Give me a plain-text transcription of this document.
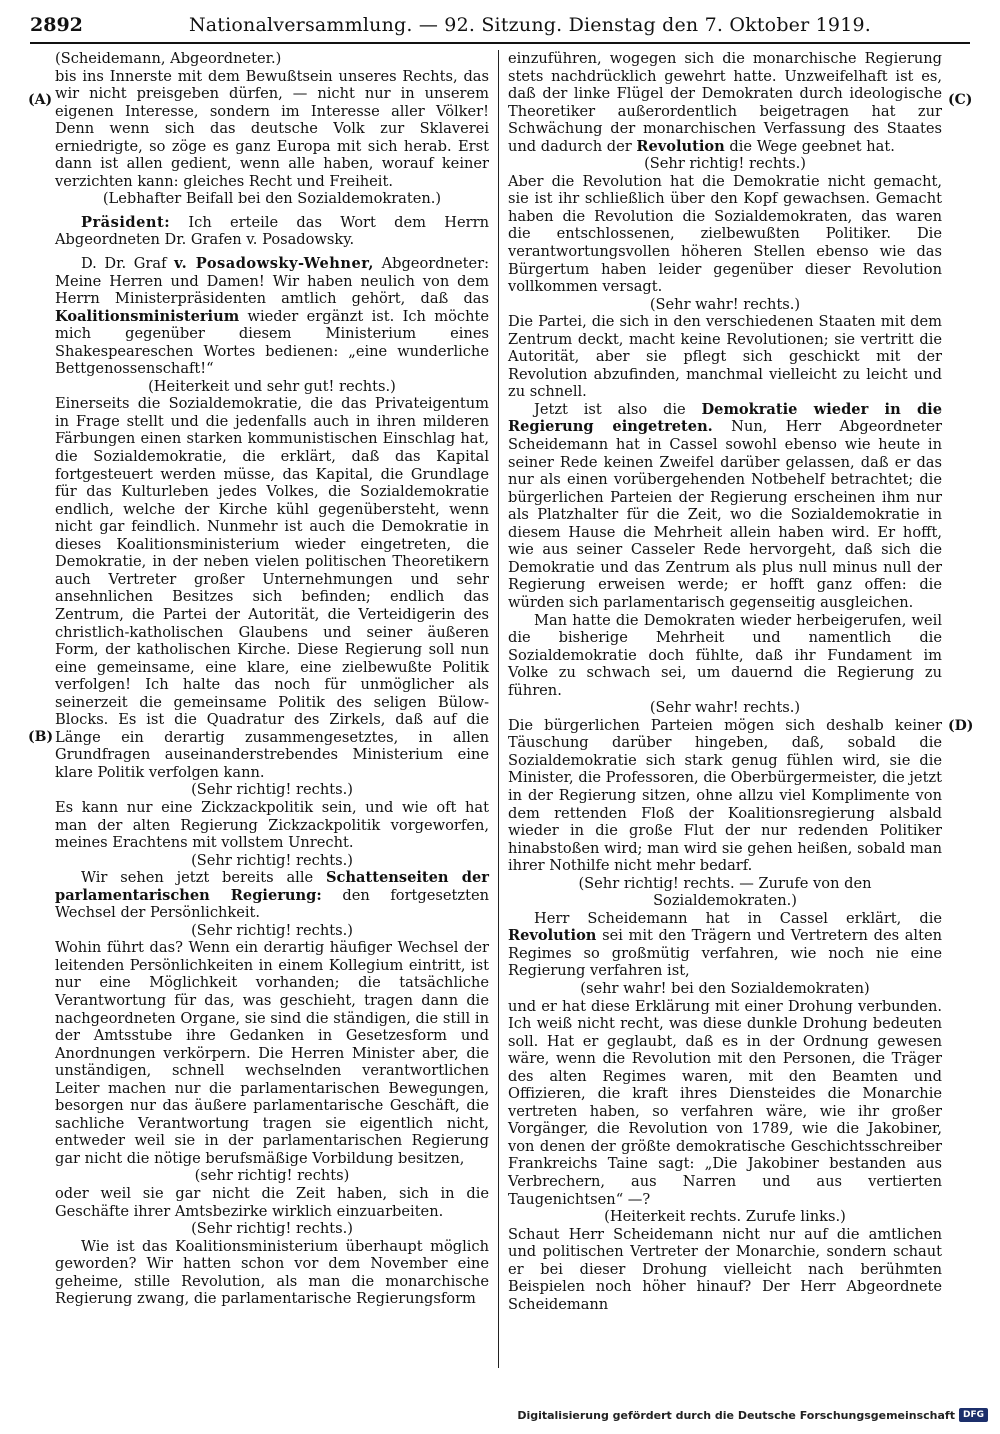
2892	Nationalversammlung. — 92. Sitzung. Dienstag den 7. Oktober 1919.
(A)
(B)
(C)
(D)

(Scheidemann, Abgeordneter.)

bis ins Innerste mit dem Bewußtsein unseres Rechts, das wir nicht preisgeben dürfen, — nicht nur in unserem eigenen Interesse, sondern im Interesse aller Völker! Denn wenn sich das deutsche Volk zur Sklaverei erniedrigte, so zöge es ganz Europa mit sich herab. Erst dann ist allen gedient, wenn alle haben, worauf keiner verzichten kann: gleiches Recht und Freiheit.

(Lebhafter Beifall bei den Sozialdemokraten.)

Präsident: Ich erteile das Wort dem Herrn Abgeordneten Dr. Grafen v. Posadowsky.

D. Dr. Graf v. Posadowsky-Wehner, Abgeordneter: Meine Herren und Damen! Wir haben neulich von dem Herrn Ministerpräsidenten amtlich gehört, daß das Koalitionsministerium wieder ergänzt ist. Ich möchte mich gegenüber diesem Ministerium eines Shakespeareschen Wortes bedienen: „eine wunderliche Bettgenossenschaft!“

(Heiterkeit und sehr gut! rechts.)

Einerseits die Sozialdemokratie, die das Privateigentum in Frage stellt und die jedenfalls auch in ihren milderen Färbungen einen starken kommunistischen Einschlag hat, die Sozialdemokratie, die erklärt, daß das Kapital fortgesteuert werden müsse, das Kapital, die Grundlage für das Kulturleben jedes Volkes, die Sozialdemokratie endlich, welche der Kirche kühl gegenübersteht, wenn nicht gar feindlich. Nunmehr ist auch die Demokratie in dieses Koalitionsministerium wieder eingetreten, die Demokratie, in der neben vielen politischen Theoretikern auch Vertreter großer Unternehmungen und sehr ansehnlichen Besitzes sich befinden; endlich das Zentrum, die Partei der Autorität, die Verteidigerin des christlich-katholischen Glaubens und seiner äußeren Form, der katholischen Kirche. Diese Regierung soll nun eine gemeinsame, eine klare, eine zielbewußte Politik verfolgen! Ich halte das noch für unmöglicher als seinerzeit die gemeinsame Politik des seligen Bülow-Blocks. Es ist die Quadratur des Zirkels, daß auf die Länge ein derartig zusammengesetztes, in allen Grundfragen auseinanderstrebendes Ministerium eine klare Politik verfolgen kann.

(Sehr richtig! rechts.)

Es kann nur eine Zickzackpolitik sein, und wie oft hat man der alten Regierung Zickzackpolitik vorgeworfen, meines Erachtens mit vollstem Unrecht.

(Sehr richtig! rechts.)

Wir sehen jetzt bereits alle Schattenseiten der parlamentarischen Regierung: den fortgesetzten Wechsel der Persönlichkeit.

(Sehr richtig! rechts.)

Wohin führt das? Wenn ein derartig häufiger Wechsel der leitenden Persönlichkeiten in einem Kollegium eintritt, ist nur eine Möglichkeit vorhanden; die tatsächliche Verantwortung für das, was geschieht, tragen dann die nachgeordneten Organe, sie sind die ständigen, die still in der Amtsstube ihre Gedanken in Gesetzesform und Anordnungen verkörpern. Die Herren Minister aber, die unständigen, schnell wechselnden verantwortlichen Leiter machen nur die parlamentarischen Bewegungen, besorgen nur das äußere parlamentarische Geschäft, die sachliche Verantwortung tragen sie eigentlich nicht, entweder weil sie in der parlamentarischen Regierung gar nicht die nötige berufsmäßige Vorbildung besitzen,

(sehr richtig! rechts)

oder weil sie gar nicht die Zeit haben, sich in die Geschäfte ihrer Amtsbezirke wirklich einzuarbeiten.

(Sehr richtig! rechts.)

Wie ist das Koalitionsministerium überhaupt möglich geworden? Wir hatten schon vor dem November eine geheime, stille Revolution, als man die monarchische Regierung zwang, die parlamentarische Regierungsform

einzuführen, wogegen sich die monarchische Regierung stets nachdrücklich gewehrt hatte. Unzweifelhaft ist es, daß der linke Flügel der Demokraten durch ideologische Theoretiker außerordentlich beigetragen hat zur Schwächung der monarchischen Verfassung des Staates und dadurch der Revolution die Wege geebnet hat.

(Sehr richtig! rechts.)

Aber die Revolution hat die Demokratie nicht gemacht, sie ist ihr schließlich über den Kopf gewachsen. Gemacht haben die Revolution die Sozialdemokraten, das waren die entschlossenen, zielbewußten Politiker. Die verantwortungsvollen höheren Stellen ebenso wie das Bürgertum haben leider gegenüber dieser Revolution vollkommen versagt.

(Sehr wahr! rechts.)

Die Partei, die sich in den verschiedenen Staaten mit dem Zentrum deckt, macht keine Revolutionen; sie vertritt die Autorität, aber sie pflegt sich geschickt mit der Revolution abzufinden, manchmal vielleicht zu leicht und zu schnell.

Jetzt ist also die Demokratie wieder in die Regierung eingetreten. Nun, Herr Abgeordneter Scheidemann hat in Cassel sowohl ebenso wie heute in seiner Rede keinen Zweifel darüber gelassen, daß er das nur als einen vorübergehenden Notbehelf betrachtet; die bürgerlichen Parteien der Regierung erscheinen ihm nur als Platzhalter für die Zeit, wo die Sozialdemokratie in diesem Hause die Mehrheit allein haben wird. Er hofft, wie aus seiner Casseler Rede hervorgeht, daß sich die Demokratie und das Zentrum als plus null minus null der Regierung erweisen werde; er hofft ganz offen: die würden sich parlamentarisch gegenseitig ausgleichen.

Man hatte die Demokraten wieder herbeigerufen, weil die bisherige Mehrheit und namentlich die Sozialdemokratie doch fühlte, daß ihr Fundament im Volke zu schwach sei, um dauernd die Regierung zu führen.

(Sehr wahr! rechts.)

Die bürgerlichen Parteien mögen sich deshalb keiner Täuschung darüber hingeben, daß, sobald die Sozialdemokratie sich stark genug fühlen wird, sie die Minister, die Professoren, die Oberbürgermeister, die jetzt in der Regierung sitzen, ohne allzu viel Komplimente von dem rettenden Floß der Koalitionsregierung alsbald wieder in die große Flut der nur redenden Politiker hinabstoßen wird; man wird sie gehen heißen, sobald man ihrer Nothilfe nicht mehr bedarf.

(Sehr richtig! rechts. — Zurufe von den Sozialdemokraten.)

Herr Scheidemann hat in Cassel erklärt, die Revolution sei mit den Trägern und Vertretern des alten Regimes so großmütig verfahren, wie noch nie eine Regierung verfahren ist,

(sehr wahr! bei den Sozialdemokraten)

und er hat diese Erklärung mit einer Drohung verbunden. Ich weiß nicht recht, was diese dunkle Drohung bedeuten soll. Hat er geglaubt, daß es in der Ordnung gewesen wäre, wenn die Revolution mit den Personen, die Träger des alten Regimes waren, mit den Beamten und Offizieren, die kraft ihres Diensteides die Monarchie vertreten haben, so verfahren wäre, wie ihr großer Vorgänger, die Revolution von 1789, wie die Jakobiner, von denen der größte demokratische Geschichtsschreiber Frankreichs Taine sagt: „Die Jakobiner bestanden aus Verbrechern, aus Narren und aus vertierten Taugenichtsen“ —?

(Heiterkeit rechts. Zurufe links.)

Schaut Herr Scheidemann nicht nur auf die amtlichen und politischen Vertreter der Monarchie, sondern schaut er bei dieser Drohung vielleicht nach berühmten Beispielen noch höher hinauf? Der Herr Abgeordnete Scheidemann

Digitalisierung gefördert durch die Deutsche Forschungsgemeinschaft DFG
